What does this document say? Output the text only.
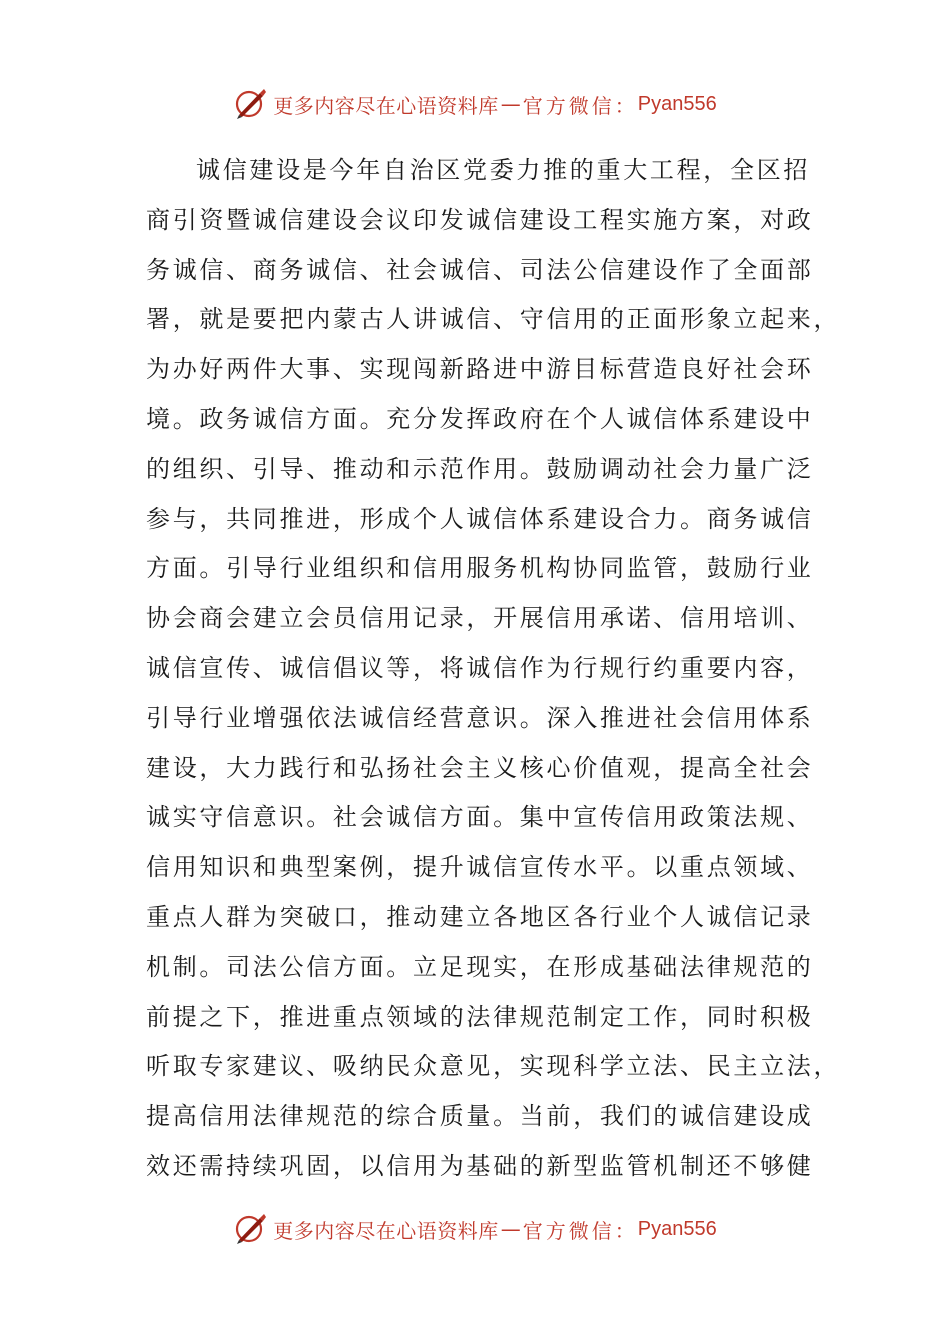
更多内容尽在心语资料库 — 官方微信： Pyan556
诚信建设是今年自治区党委力推的重大工程，全区招
商引资暨诚信建设会议印发诚信建设工程实施方案，对政
务诚信、商务诚信、社会诚信、司法公信建设作了全面部
署，就是要把内蒙古人讲诚信、守信用的正面形象立起来，
为办好两件大事、实现闯新路进中游目标营造良好社会环
境。政务诚信方面。充分发挥政府在个人诚信体系建设中
的组织、引导、推动和示范作用。鼓励调动社会力量广泛
参与，共同推进，形成个人诚信体系建设合力。商务诚信
方面。引导行业组织和信用服务机构协同监管，鼓励行业
协会商会建立会员信用记录，开展信用承诺、信用培训、
诚信宣传、诚信倡议等，将诚信作为行规行约重要内容，
引导行业增强依法诚信经营意识。深入推进社会信用体系
建设，大力践行和弘扬社会主义核心价值观，提高全社会
诚实守信意识。社会诚信方面。集中宣传信用政策法规、
信用知识和典型案例，提升诚信宣传水平。以重点领域、
重点人群为突破口，推动建立各地区各行业个人诚信记录
机制。司法公信方面。立足现实，在形成基础法律规范的
前提之下，推进重点领域的法律规范制定工作，同时积极
听取专家建议、吸纳民众意见，实现科学立法、民主立法，
提高信用法律规范的综合质量。当前，我们的诚信建设成
效还需持续巩固，以信用为基础的新型监管机制还不够健
更多内容尽在心语资料库 — 官方微信： Pyan556
